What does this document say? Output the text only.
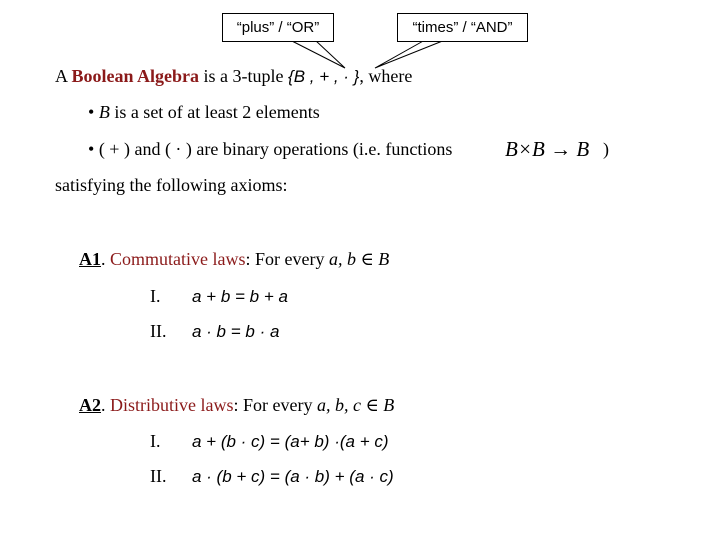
“plus” / “OR”	“times” / “AND”
A Boolean Algebra is a 3-tuple {B , + , · }, where
• B is a set of at least 2 elements
• ( + ) and ( · ) are binary operations (i.e. functions	B×B → B )
satisfying the following axioms:
A1. Commutative laws: For every a, b ∈ B
I. a + b = b + a
II. a · b = b · a
A2. Distributive laws: For every a, b, c ∈ B
I. a + (b · c) = (a+ b) ·(a + c)
II. a · (b + c) = (a · b) + (a · c)
